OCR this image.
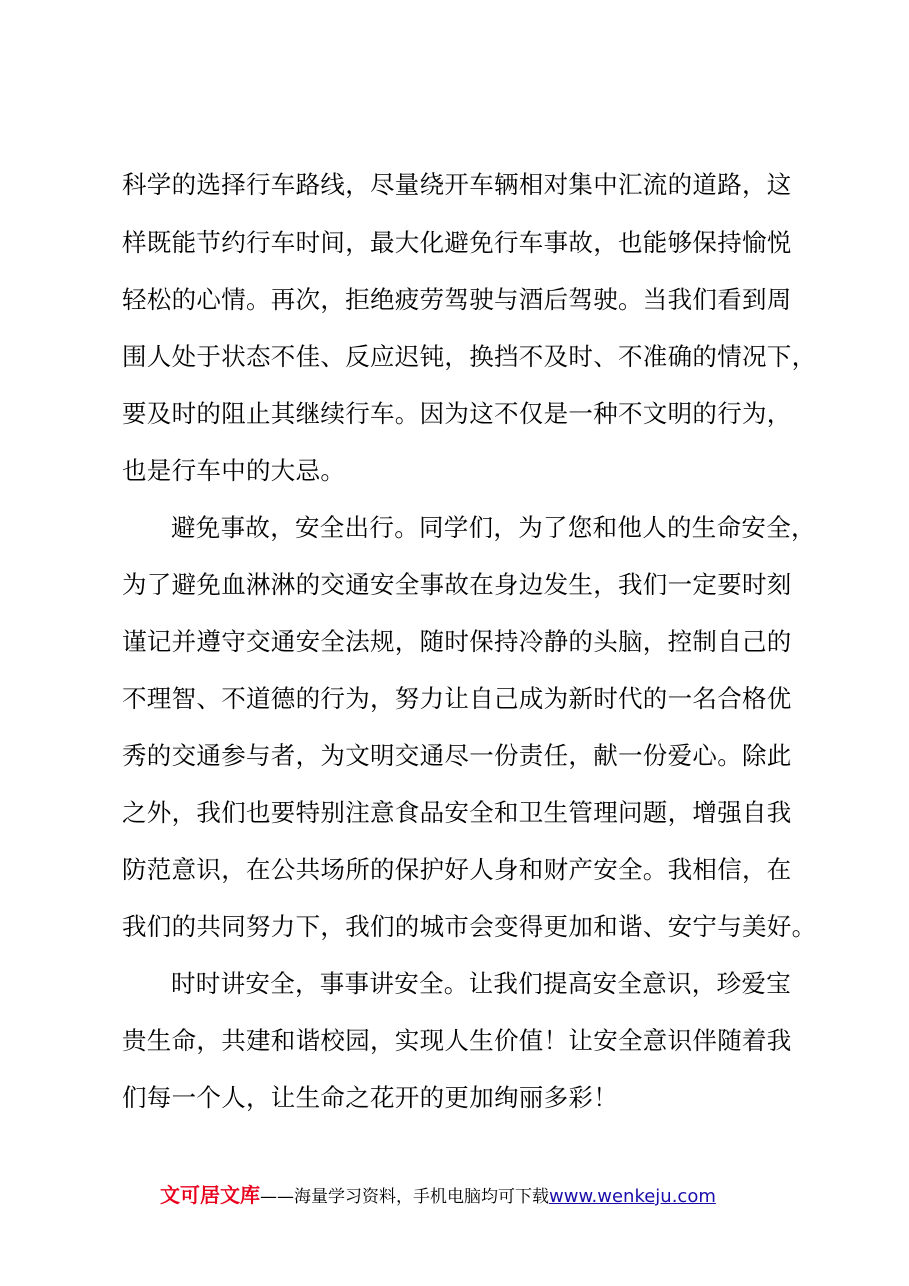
科学的选择行车路线，尽量绕开车辆相对集中汇流的道路，这
样既能节约行车时间，最大化避免行车事故，也能够保持愉悦
轻松的心情。再次，拒绝疲劳驾驶与酒后驾驶。当我们看到周
围人处于状态不佳、反应迟钝，换挡不及时、不准确的情况下，
要及时的阻止其继续行车。因为这不仅是一种不文明的行为，
也是行车中的大忌。
避免事故，安全出行。同学们，为了您和他人的生命安全，
为了避免血淋淋的交通安全事故在身边发生，我们一定要时刻
谨记并遵守交通安全法规，随时保持冷静的头脑，控制自己的
不理智、不道德的行为，努力让自己成为新时代的一名合格优
秀的交通参与者，为文明交通尽一份责任，献一份爱心。除此
之外，我们也要特别注意食品安全和卫生管理问题，增强自我
防范意识，在公共场所的保护好人身和财产安全。我相信，在
我们的共同努力下，我们的城市会变得更加和谐、安宁与美好。
时时讲安全，事事讲安全。让我们提高安全意识，珍爱宝
贵生命，共建和谐校园，实现人生价值！让安全意识伴随着我
们每一个人，让生命之花开的更加绚丽多彩！
文可居文库——海量学习资料，手机电脑均可下载www.wenkeju.com
